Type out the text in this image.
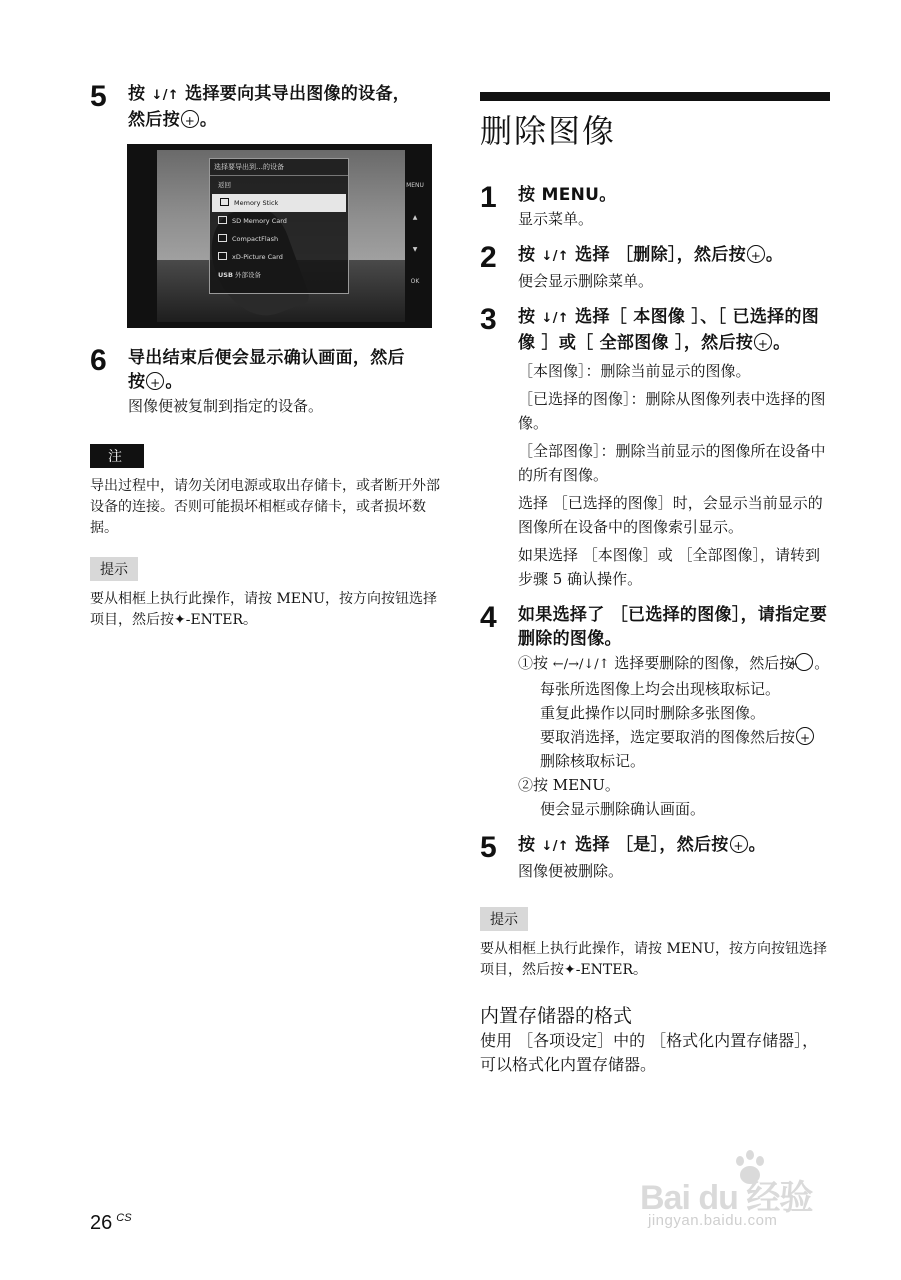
5	按 ↓/↑ 选择要向其导出图像的设备，
然后按 + 。
选择要导出到…的设备
返回
Memory Stick
SD Memory Card
CompactFlash
xD-Picture Card
USB 外部设备
MENU
▲
▼
OK
6	导出结束后便会显示确认画面，然后
按 + 。
图像便被复制到指定的设备。
注
导出过程中，请勿关闭电源或取出存储卡，或者断开外部设备的连接。否则可能损坏相框或存储卡，或者损坏数据。
提示
要从相框上执行此操作，请按 MENU，按方向按钮选择项目，然后按✦-ENTER。
删除图像
1	按 MENU。
显示菜单。
2	按 ↓/↑ 选择 ［删除］，然后按 + 。
便会显示删除菜单。
3	按 ↓/↑ 选择［ 本图像 ］、［ 已选择的图像 ］或［ 全部图像 ］，然后按 + 。
［本图像］：删除当前显示的图像。
［已选择的图像］：删除从图像列表中选择的图像。
［全部图像］：删除当前显示的图像所在设备中的所有图像。
选择 ［已选择的图像］时，会显示当前显示的图像所在设备中的图像索引显示。
如果选择 ［本图像］或 ［全部图像］，请转到步骤 5 确认操作。
4	如果选择了 ［已选择的图像］，请指定要删除的图像。
①按 ←/→/↓/↑ 选择要删除的图像，然后按+ 。
每张所选图像上均会出现核取标记。
重复此操作以同时删除多张图像。
要取消选择，选定要取消的图像然后按+删除核取标记。
②按 MENU。
便会显示删除确认画面。
5	按 ↓/↑ 选择 ［是］，然后按 + 。
图像便被删除。
提示
要从相框上执行此操作，请按 MENU，按方向按钮选择项目，然后按✦-ENTER。
内置存储器的格式
使用 ［各项设定］中的 ［格式化内置存储器］，可以格式化内置存储器。
26 $^{CS}$
Bai du 经验
jingyan.baidu.com
